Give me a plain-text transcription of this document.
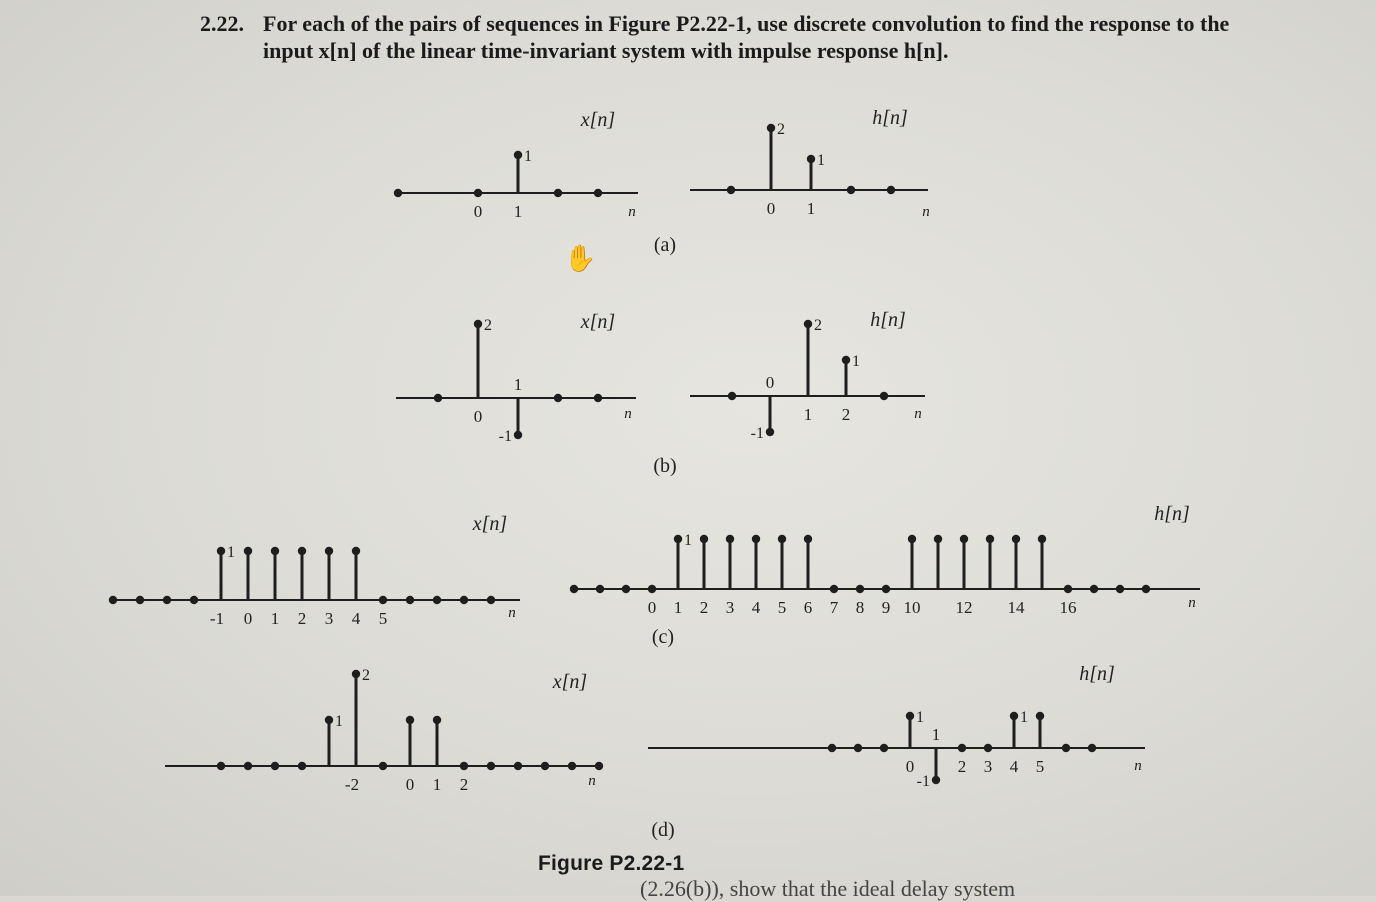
2.22. For each of the pairs of sequences in Figure P2.22-1, use discrete convolution to find the response to the input x[n] of the linear time-invariant system with impulse response h[n].
(a)
x[n]
n
0 1
1
h[n]
n
0 1
2
1
(b)
x[n]
n
0
1
2
-1
h[n]
n
0
1 2
2
1
-1
(c)
x[n]
n
-1 0 1 2 3 4 5
1
h[n]
n
0 1 2 3 4 5 6 7 8 9 10 12 14 16
1
(d)
x[n]
n
-2	0 1 2
2
1
h[n]
n
0
1
2 3 4 5
1	1
-1
✋
Figure P2.22-1
(2.26(b)), show that the ideal delay system
